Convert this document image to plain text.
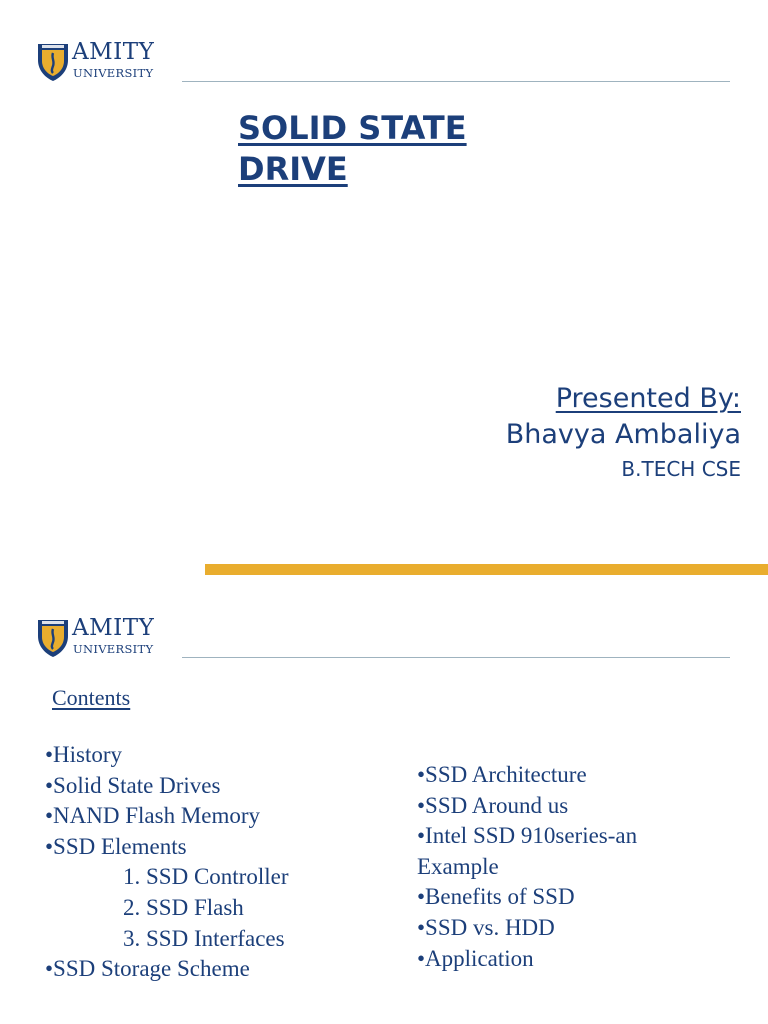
AMITY
UNIVERSITY
SOLID STATE DRIVE
Presented By:
Bhavya Ambaliya
B.TECH CSE
AMITY
UNIVERSITY
Contents
•History
•Solid State Drives
•NAND Flash Memory
•SSD Elements
1. SSD Controller
2. SSD Flash
3. SSD Interfaces
•SSD Storage Scheme
•SSD Architecture
•SSD Around us
•Intel SSD 910series-an Example
•Benefits of SSD
•SSD vs. HDD
•Application
